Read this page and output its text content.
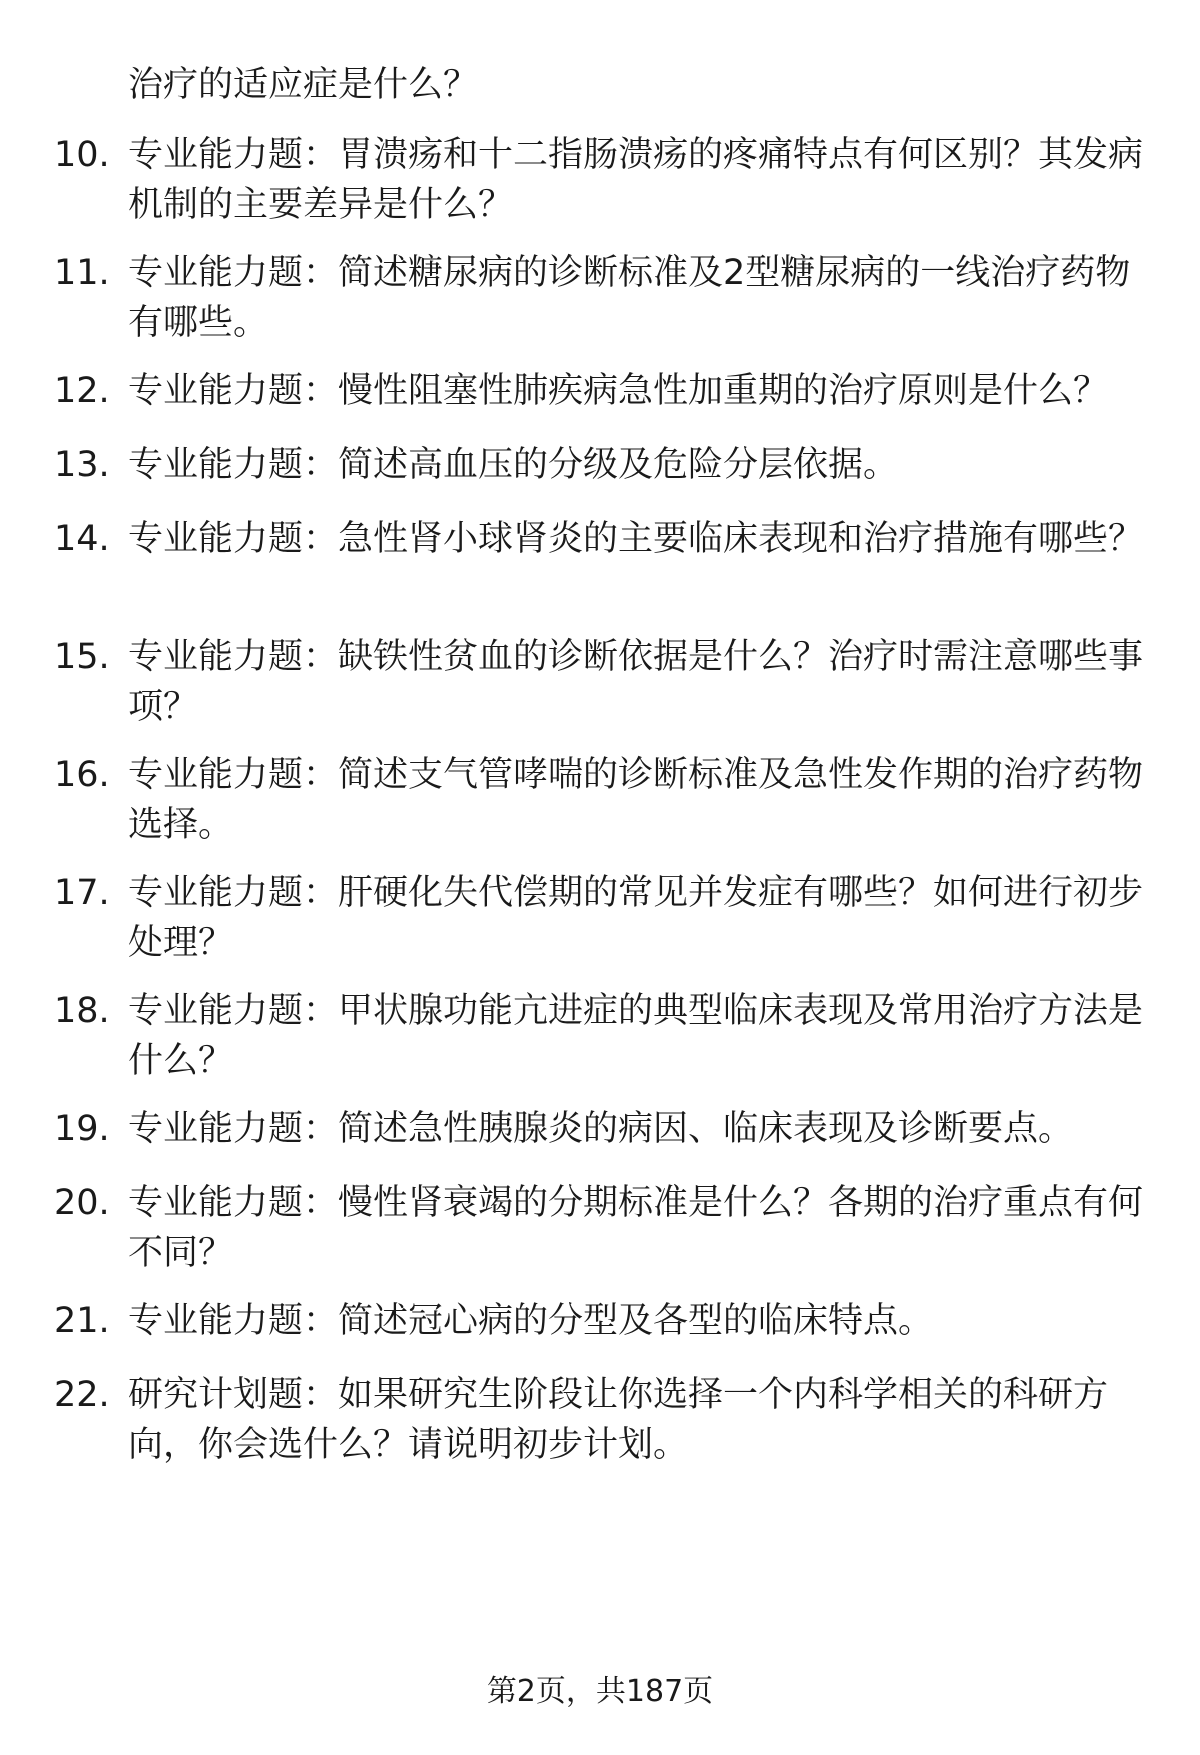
治疗的适应症是什么？
10. 专业能力题：胃溃疡和十二指肠溃疡的疼痛特点有何区别？其发病机制的主要差异是什么？
11. 专业能力题：简述糖尿病的诊断标准及2型糖尿病的一线治疗药物有哪些。
12. 专业能力题：慢性阻塞性肺疾病急性加重期的治疗原则是什么？
13. 专业能力题：简述高血压的分级及危险分层依据。
14. 专业能力题：急性肾小球肾炎的主要临床表现和治疗措施有哪些？
15. 专业能力题：缺铁性贫血的诊断依据是什么？治疗时需注意哪些事项？
16. 专业能力题：简述支气管哮喘的诊断标准及急性发作期的治疗药物选择。
17. 专业能力题：肝硬化失代偿期的常见并发症有哪些？如何进行初步处理？
18. 专业能力题：甲状腺功能亢进症的典型临床表现及常用治疗方法是什么？
19. 专业能力题：简述急性胰腺炎的病因、临床表现及诊断要点。
20. 专业能力题：慢性肾衰竭的分期标准是什么？各期的治疗重点有何不同？
21. 专业能力题：简述冠心病的分型及各型的临床特点。
22. 研究计划题：如果研究生阶段让你选择一个内科学相关的科研方向，你会选什么？请说明初步计划。
第2页，共187页
